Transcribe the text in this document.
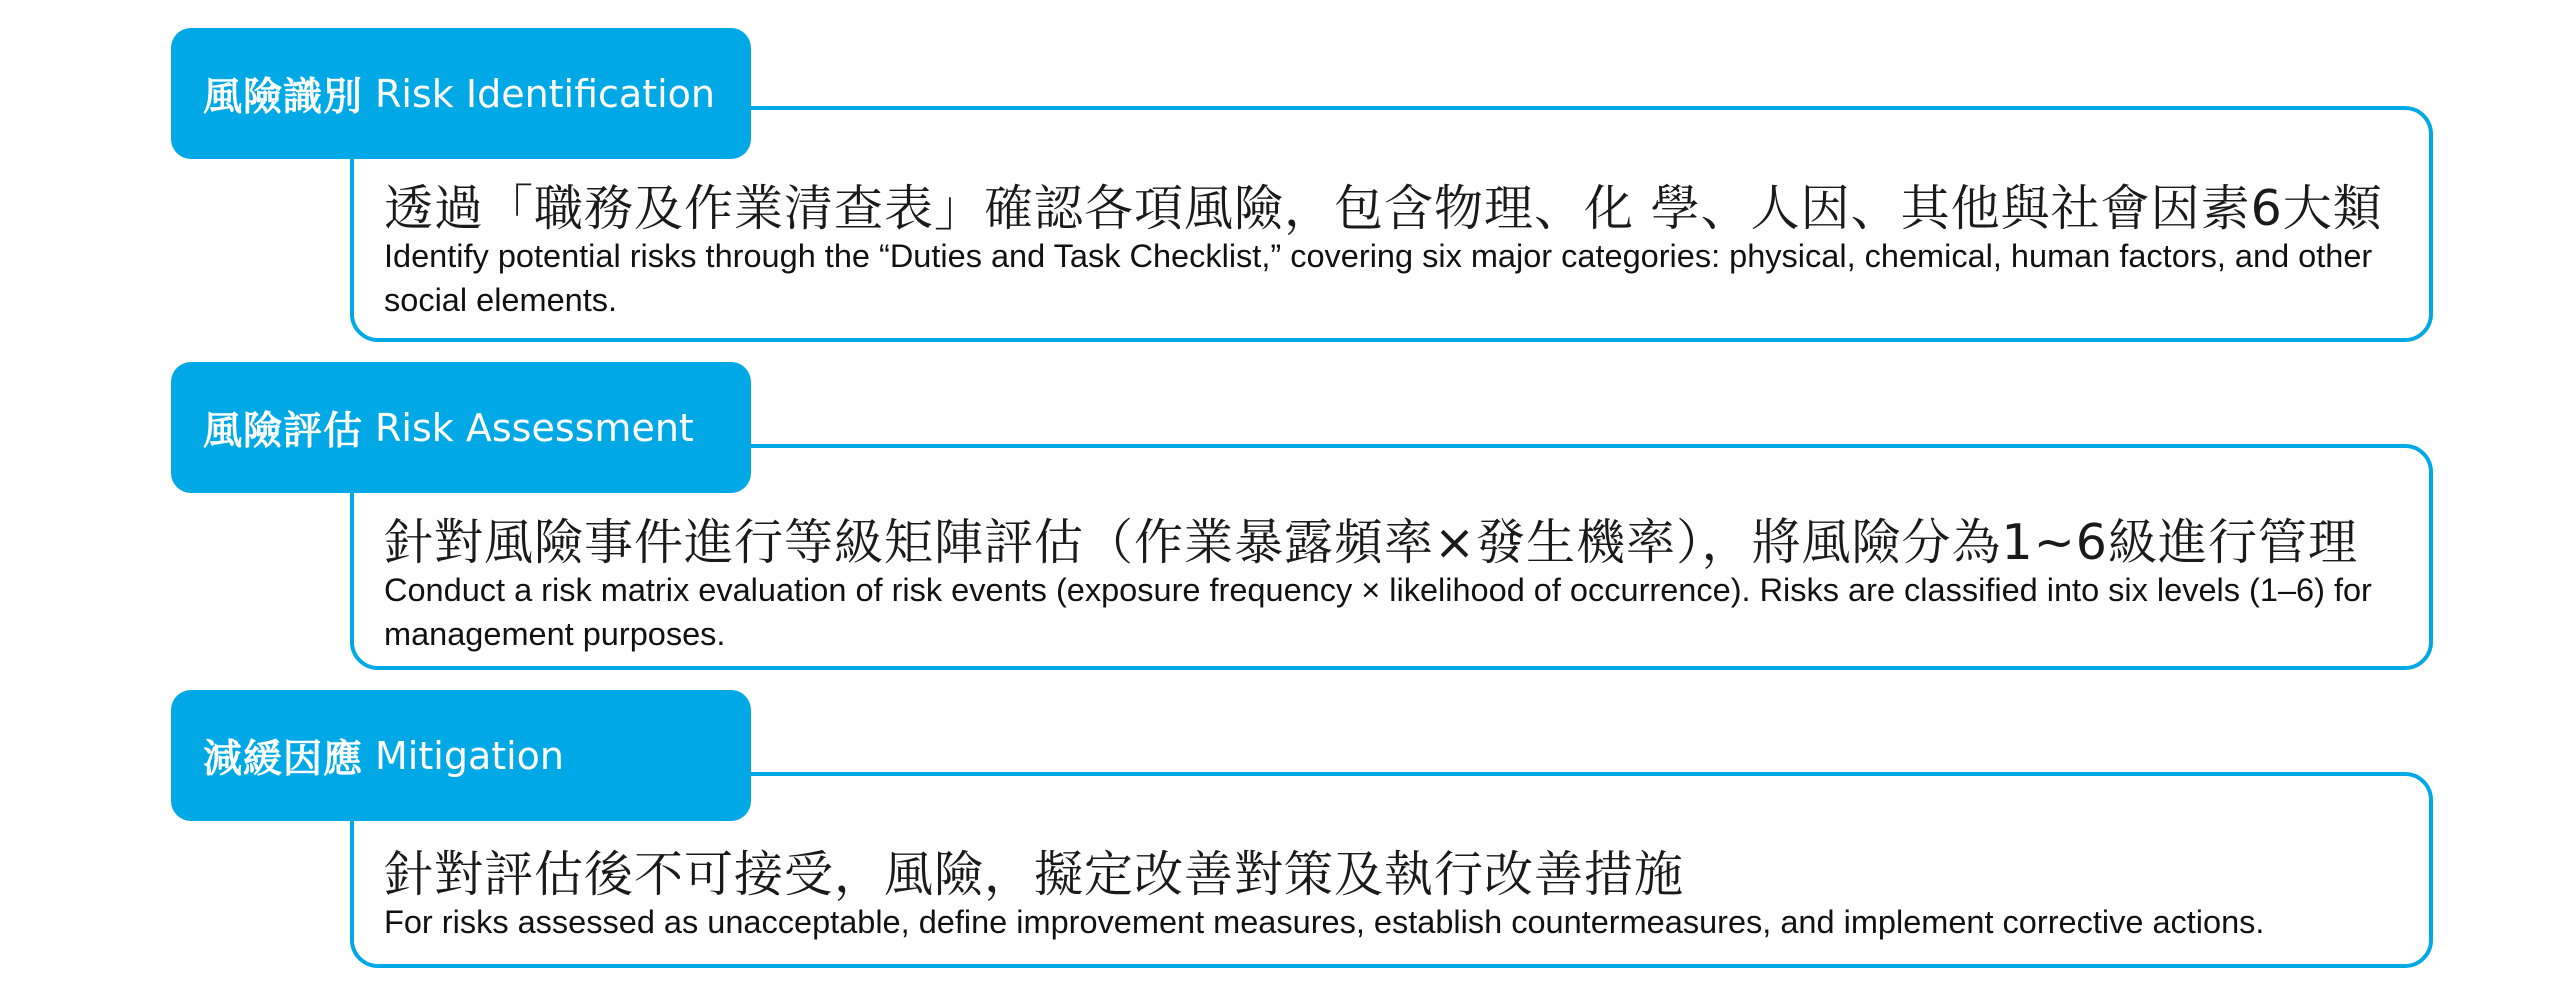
風險識別 Risk Identification
透過「職務及作業清查表」確認各項風險，包含物理、化 學、人因、其他與社會因素6大類
Identify potential risks through the “Duties and Task Checklist,” covering six major categories: physical, chemical, human factors, and other social elements.
風險評估 Risk Assessment
針對風險事件進行等級矩陣評估（作業暴露頻率×發生機率），將風險分為1~6級進行管理
Conduct a risk matrix evaluation of risk events (exposure frequency × likelihood of occurrence). Risks are classified into six levels (1–6) for management purposes.
減緩因應 Mitigation
針對評估後不可接受，風險，擬定改善對策及執行改善措施
For risks assessed as unacceptable, define improvement measures, establish countermeasures, and implement corrective actions.
